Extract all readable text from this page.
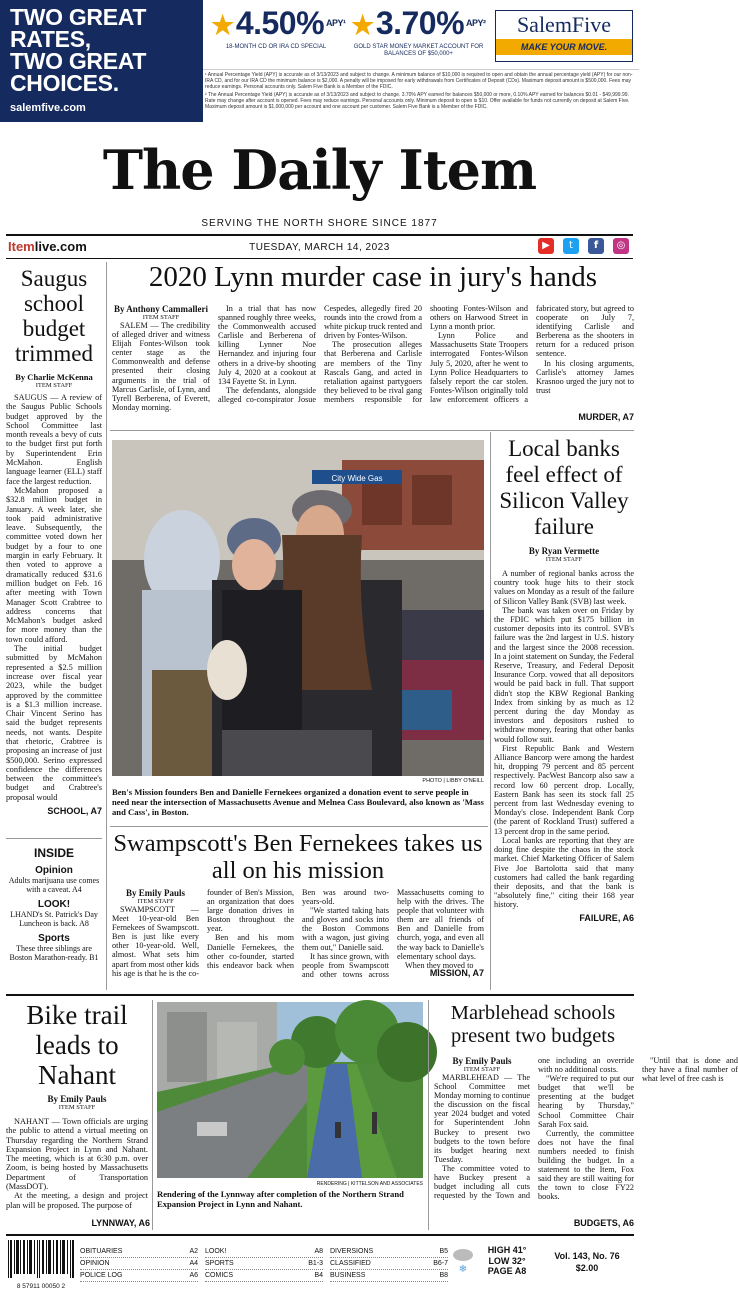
TWO GREAT
RATES,
TWO GREAT
CHOICES.
salemfive.com
★4.50% $^{APY^1}$
18-MONTH CD OR IRA CD SPECIAL
★3.70% $^{APY^2}$
GOLD STAR MONEY MARKET ACCOUNT FOR BALANCES OF $50,000+
SalemFive
MAKE YOUR MOVE.
¹ Annual Percentage Yield (APY) is accurate as of 3/13/2023 and subject to change. A minimum balance of $10,000 is required to open and obtain the annual percentage yield (APY) for our non-IRA CD, and for our IRA CD the minimum balance is $2,000. A penalty will be imposed for early withdrawals from Certificates of Deposit (CDs). Maximum deposit amount is $500,000. Fees may reduce earnings. Personal accounts only. Salem Five Bank is a Member of the FDIC.
² The Annual Percentage Yield (APY) is accurate as of 3/13/2023 and subject to change. 3.70% APY earned for balances $50,000 or more, 0.10% APY earned for balances $0.01 - $49,999.99. Rate may change after account is opened. Fees may reduce earnings. Personal accounts only. Minimum deposit to open is $10. Offer available for funds not currently on deposit at Salem Five. Maximum deposit amount is $1,000,000 per account and one account per customer. Salem Five Bank is a Member of the FDIC.
The Daily Item
SERVING THE NORTH SHORE SINCE 1877
Itemlive.com	TUESDAY, MARCH 14, 2023	▶	t	f	◎
Saugus school budget trimmed
By Charlie McKenna
ITEM STAFF

SAUGUS — A review of the Saugus Public Schools budget approved by the School Committee last month reveals a bevy of cuts to the budget first put forth by Superintendent Erin McMahon. English language learner (ELL) staff face the largest reduction.

McMahon proposed a $32.8 million budget in January. A week later, she took paid administrative leave. Subsequently, the committee voted down her budget by a four to one margin in early February. It then voted to approve a dramatically reduced $31.6 million budget on Feb. 16 after meeting with Town Manager Scott Crabtree to address concerns that McMahon's budget asked for more money than the town could afford.

The initial budget submitted by McMahon represented a $2.5 million increase over fiscal year 2023, while the budget approved by the committee is a $1.3 million increase. Chair Vincent Serino has said the budget represents needs, not wants. Despite that rhetoric, Crabtree is proposing an increase of just $500,000. Serino expressed confidence the differences between the committee's budget and Crabtree's proposal would

SCHOOL, A7
INSIDE
Opinion
Adults marijuana use comes with a caveat. A4
LOOK!
LHAND's St. Patrick's Day Luncheon is back. A8
Sports
These three siblings are Boston Marathon-ready. B1
2020 Lynn murder case in jury's hands
By Anthony Cammalleri
ITEM STAFF

SALEM — The credibility of alleged driver and witness Elijah Fontes-Wilson took center stage as the Commonwealth and defense presented their closing arguments in the trial of Marcus Carlisle, of Lynn, and Tyrell Berberena, of Everett, Monday morning.

In a trial that has now spanned roughly three weeks, the Commonwealth accused Carlisle and Berberena of killing Lynner Noe Hernandez and injuring four others in a drive-by shooting July 4, 2020 at a cookout at 134 Fayette St. in Lynn.

The defendants, alongside alleged co-conspirator Josue Cespedes, allegedly fired 20 rounds into the crowd from a white pickup truck rented and driven by Fontes-Wilson.

The prosecution alleges that Berberena and Carlisle are members of the Tiny Rascals Gang, and acted in retaliation against partygoers they believed to be rival gang members responsible for shooting Fontes-Wilson and others on Harwood Street in Lynn a month prior.

Lynn Police and Massachusetts State Troopers interrogated Fontes-Wilson July 5, 2020, after he went to Lynn Police Headquarters to falsely report the car stolen. Fontes-Wilson originally told law enforcement officers a fabricated story, but agreed to cooperate on July 7, identifying Carlisle and Berberena as the shooters in return for a reduced prison sentence.

In his closing arguments, Carlisle's attorney James Krasnoo urged the jury not to trust

MURDER, A7
City Wide Gas
PHOTO | LIBBY O'NEILL
Ben's Mission founders Ben and Danielle Fernekees organized a donation event to serve people in need near the intersection of Massachusetts Avenue and Melnea Cass Boulevard, also known as 'Mass and Cass', in Boston.
Local banks feel effect of Silicon Valley failure
By Ryan Vermette
ITEM STAFF

A number of regional banks across the country took huge hits to their stock values on Monday as a result of the failure of Silicon Valley Bank (SVB) last week.

The bank was taken over on Friday by the FDIC which put $175 billion in customer deposits into its control. SVB's failure was the 2nd largest in U.S. history and the largest since the 2008 recession. In a joint statement on Sunday, the Federal Reserve, Treasury, and Federal Deposit Insurance Corp. vowed that all depositors would be paid back in full. That support didn't stop the KBW Regional Banking Index from sinking by as much as 12 percent during the day Monday as investors and depositors rushed to withdraw money, fearing that other banks would follow suit.

First Republic Bank and Western Alliance Bancorp were among the hardest hit, dropping 79 percent and 85 percent respectively. PacWest Bancorp also saw a record low 60 percent drop. Locally, Eastern Bank has seen its stock fall 25 percent from last Wednesday evening to Monday's close. Independent Bank Corp (the parent of Rockland Trust) suffered a 13 percent drop in the same period.

Local banks are reporting that they are doing fine despite the chaos in the stock market. Chief Marketing Officer of Salem Five Joe Bartolotta said that many customers had called the bank regarding their deposits, and that the bank is "absolutely fine," citing their 168 year history.

FAILURE, A6
Swampscott's Ben Fernekees takes us all on his mission
By Emily Pauls
ITEM STAFF

SWAMPSCOTT — Meet 10-year-old Ben Fernekees of Swampscott. Ben is just like every other 10-year-old. Well, almost. What sets him apart from most other kids his age is that he is the co-founder of Ben's Mission, an organization that does large donation drives in Boston throughout the year.

Ben and his mom Danielle Fernekees, the other co-founder, started this endeavor back when Ben was around two-years-old.

"We started taking hats and gloves and socks into the Boston Commons with a wagon, just giving them out," Danielle said.

It has since grown, with people from Swampscott and other towns across Massachusetts coming to help with the drives. The people that volunteer with them are all friends of Ben and Danielle from church, yoga, and even all the way back to Danielle's elementary school days.

When they moved to

MISSION, A7
Bike trail leads to Nahant
By Emily Pauls
ITEM STAFF

NAHANT — Town officials are urging the public to attend a virtual meeting on Thursday regarding the Northern Strand Expansion Project in Lynn and Nahant. The meeting, which is at 6:30 p.m. over Zoom, is being hosted by Massachusetts Department of Transportation (MassDOT).

At the meeting, a design and project plan will be proposed. The purpose of

LYNNWAY, A6
RENDERING | KITTELSON AND ASSOCIATES
Rendering of the Lynnway after completion of the Northern Strand Expansion Project in Lynn and Nahant.
Marblehead schools present two budgets
By Emily Pauls
ITEM STAFF

MARBLEHEAD — The School Committee met Monday morning to continue the discussion on the fiscal year 2024 budget and voted for Superintendent John Buckey to present two budgets to the town before its budget hearing next Tuesday.

The committee voted to have Buckey present a budget including all cuts requested by the Town and one including an override with no additional costs.

"We're required to put our budget that we'll be presenting at the budget hearing by Thursday," School Committee Chair Sarah Fox said.

Currently, the committee does not have the final numbers needed to finish building the budget. In a statement to the Item, Fox said they are still waiting for the town to close FY22 books.

"Until that is done and they have a final number of what level of free cash is

BUDGETS, A6
8 57911 00050 2
OBITUARIES	A2
OPINION	A4
POLICE LOG	A6
LOOK!	A8
SPORTS	B1-3
COMICS	B4
DIVERSIONS	B5
CLASSIFIED	B6-7
BUSINESS	B8
❄
HIGH 41°
LOW 32°
PAGE A8
Vol. 143, No. 76
$2.00
